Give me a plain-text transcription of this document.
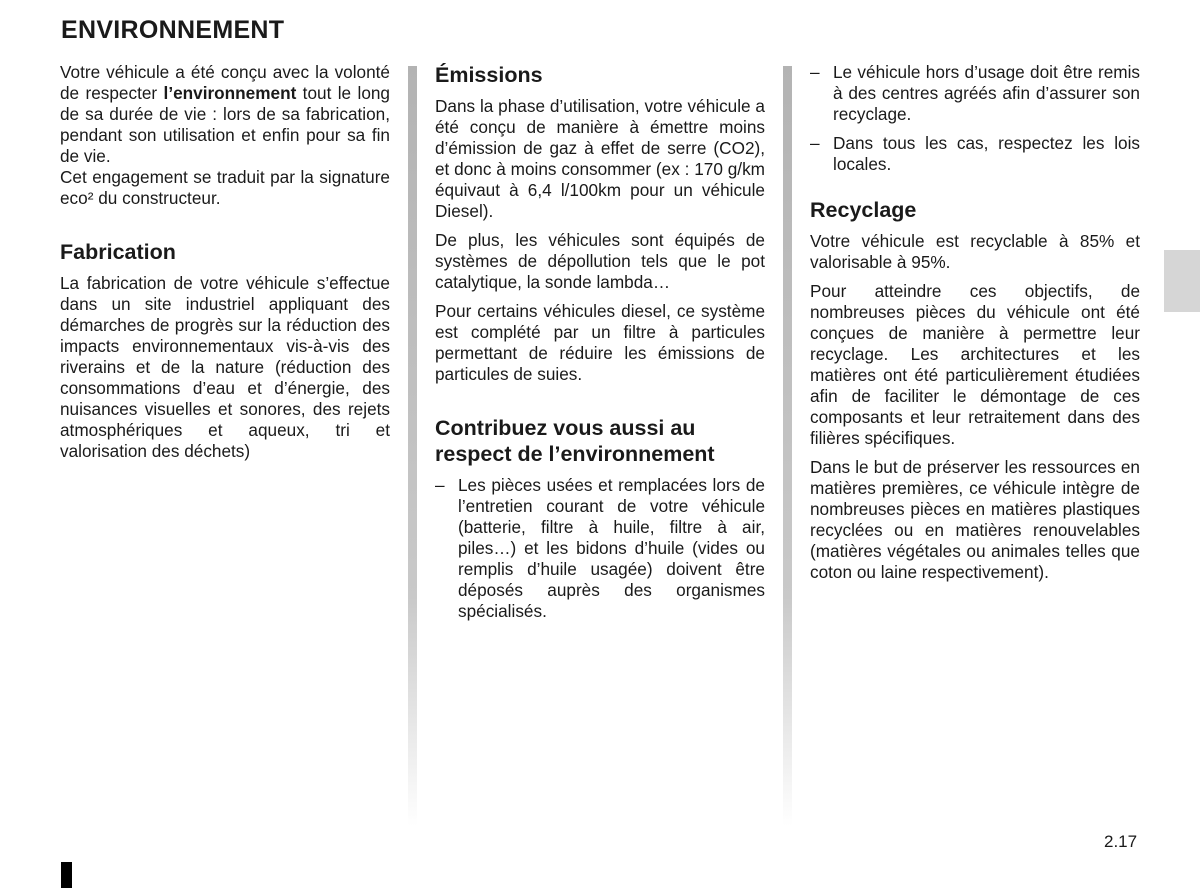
ENVIRONNEMENT

Votre véhicule a été conçu avec la volonté de respecter l’environnement tout le long de sa durée de vie : lors de sa fabrication, pendant son utilisation et enfin pour sa fin de vie.

Cet engagement se traduit par la signature eco² du constructeur.

Fabrication

La fabrication de votre véhicule s’effectue dans un site industriel appliquant des démarches de progrès sur la réduction des impacts environnementaux vis-à-vis des riverains et de la nature (réduction des consommations d’eau et d’énergie, des nuisances visuelles et sonores, des rejets atmosphériques et aqueux, tri et valorisation des déchets)

Émissions

Dans la phase d’utilisation, votre véhicule a été conçu de manière à émettre moins d’émission de gaz à effet de serre (CO2), et donc à moins consommer (ex : 170 g/km équivaut à 6,4 l/100km pour un véhicule Diesel).

De plus, les véhicules sont équipés de systèmes de dépollution tels que le pot catalytique, la sonde lambda…

Pour certains véhicules diesel, ce système est complété par un filtre à particules permettant de réduire les émissions de particules de suies.

Contribuez vous aussi au respect de l’environnement
– Les pièces usées et remplacées lors de l’entretien courant de votre véhicule (batterie, filtre à huile, filtre à air, piles…) et les bidons d’huile (vides ou remplis d’huile usagée) doivent être déposés auprès des organismes spécialisés.
– Le véhicule hors d’usage doit être remis à des centres agréés afin d’assurer son recyclage.
– Dans tous les cas, respectez les lois locales.
Recyclage

Votre véhicule est recyclable à 85% et valorisable à 95%.

Pour atteindre ces objectifs, de nombreuses pièces du véhicule ont été conçues de manière à permettre leur recyclage. Les architectures et les matières ont été particulièrement étudiées afin de faciliter le démontage de ces composants et leur retraitement dans des filières spécifiques.

Dans le but de préserver les ressources en matières premières, ce véhicule intègre de nombreuses pièces en matières plastiques recyclées ou en matières renouvelables (matières végétales ou animales telles que coton ou laine respectivement).

2.17
